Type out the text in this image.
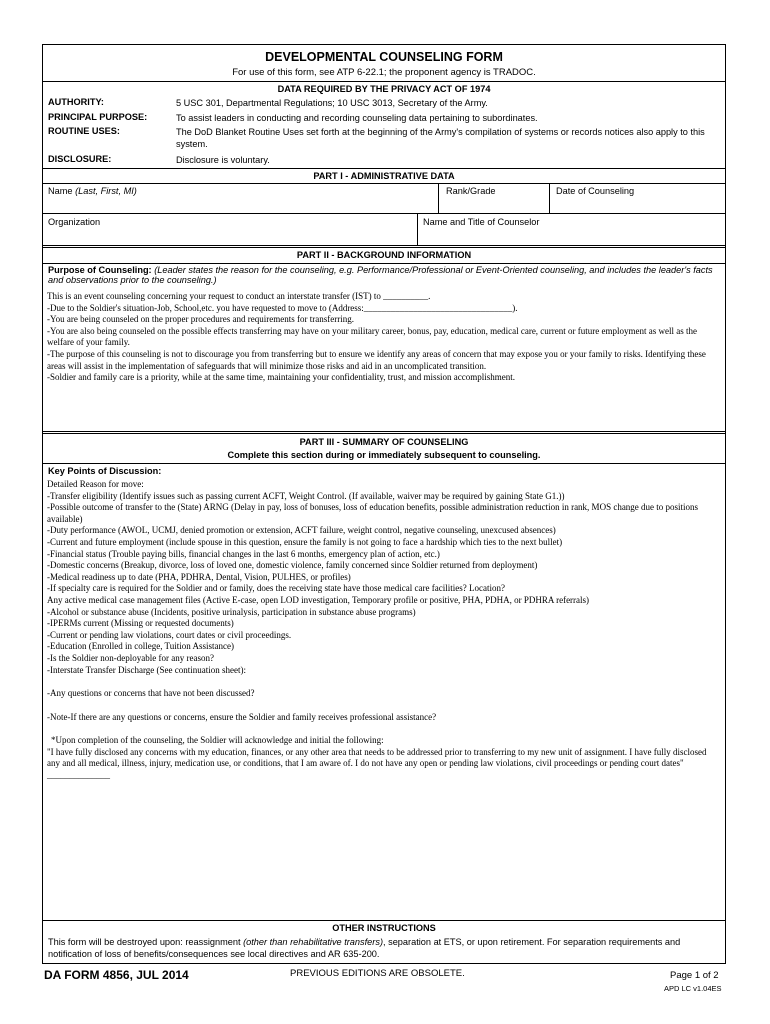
DEVELOPMENTAL COUNSELING FORM
For use of this form, see ATP 6-22.1; the proponent agency is TRADOC.
DATA REQUIRED BY THE PRIVACY ACT OF 1974
AUTHORITY:	5 USC 301, Departmental Regulations; 10 USC 3013, Secretary of the Army.
PRINCIPAL PURPOSE:	To assist leaders in conducting and recording counseling data pertaining to subordinates.
ROUTINE USES:	The DoD Blanket Routine Uses set forth at the beginning of the Army's compilation of systems or records notices also apply to this system.
DISCLOSURE:	Disclosure is voluntary.
PART I - ADMINISTRATIVE DATA
Name (Last, First, MI)	Rank/Grade	Date of Counseling
Organization	Name and Title of Counselor
PART II - BACKGROUND INFORMATION
Purpose of Counseling: (Leader states the reason for the counseling, e.g. Performance/Professional or Event-Oriented counseling, and includes the leader's facts and observations prior to the counseling.)
This is an event counseling concerning your request to conduct an interstate transfer (IST) to __________.
-Due to the Soldier's situation-Job, School,etc. you have requested to move to (Address:_________________________________).
-You are being counseled on the proper procedures and requirements for transferring.
-You are also being counseled on the possible effects transferring may have on your military career, bonus, pay, education, medical care, current or future employment as well as the welfare of your family.
-The purpose of this counseling is not to discourage you from transferring but to ensure we identify any areas of concern that may expose you or your family to risks. Identifying these areas will assist in the implementation of safeguards that will minimize those risks and aid in an uncomplicated transition.
-Soldier and family care is a priority, while at the same time, maintaining your confidentiality, trust, and mission accomplishment.
PART III - SUMMARY OF COUNSELING
Complete this section during or immediately subsequent to counseling.
Key Points of Discussion:
Detailed Reason for move:
-Transfer eligibility (Identify issues such as passing current ACFT, Weight Control. (If available, waiver may be required by gaining State G1.))
-Possible outcome of transfer to the (State) ARNG (Delay in pay, loss of bonuses, loss of education benefits, possible administration reduction in rank, MOS change due to positions available)
-Duty performance (AWOL, UCMJ, denied promotion or extension, ACFT failure, weight control, negative counseling, unexcused absences)
-Current and future employment (include spouse in this question, ensure the family is not going to face a hardship which ties to the next bullet)
-Financial status (Trouble paying bills, financial changes in the last 6 months, emergency plan of action, etc.)
-Domestic concerns (Breakup, divorce, loss of loved one, domestic violence, family concerned since Soldier returned from deployment)
-Medical readiness up to date (PHA, PDHRA, Dental, Vision, PULHES, or profiles)
-If specialty care is required for the Soldier and or family, does the receiving state have those medical care facilities? Location?
Any active medical case management files (Active E-case, open LOD investigation, Temporary profile or positive, PHA, PDHA, or PDHRA referrals)
-Alcohol or substance abuse (Incidents, positive urinalysis, participation in substance abuse programs)
-IPERMs current (Missing or requested documents)
-Current or pending law violations, court dates or civil proceedings.
-Education (Enrolled in college, Tuition Assistance)
-Is the Soldier non-deployable for any reason?
-Interstate Transfer Discharge (See continuation sheet):
-Any questions or concerns that have not been discussed?
-Note-If there are any questions or concerns, ensure the Soldier and family receives professional assistance?
*Upon completion of the counseling, the Soldier will acknowledge and initial the following:
"I have fully disclosed any concerns with my education, finances, or any other area that needs to be addressed prior to transferring to my new unit of assignment. I have fully disclosed any and all medical, illness, injury, medication use, or conditions, that I am aware of. I do not have any open or pending law violations, civil proceedings or pending court dates" ______________
OTHER INSTRUCTIONS
This form will be destroyed upon: reassignment (other than rehabilitative transfers), separation at ETS, or upon retirement. For separation requirements and notification of loss of benefits/consequences see local directives and AR 635-200.
DA FORM 4856, JUL 2014	PREVIOUS EDITIONS ARE OBSOLETE.	Page 1 of 2
APD LC v1.04ES
